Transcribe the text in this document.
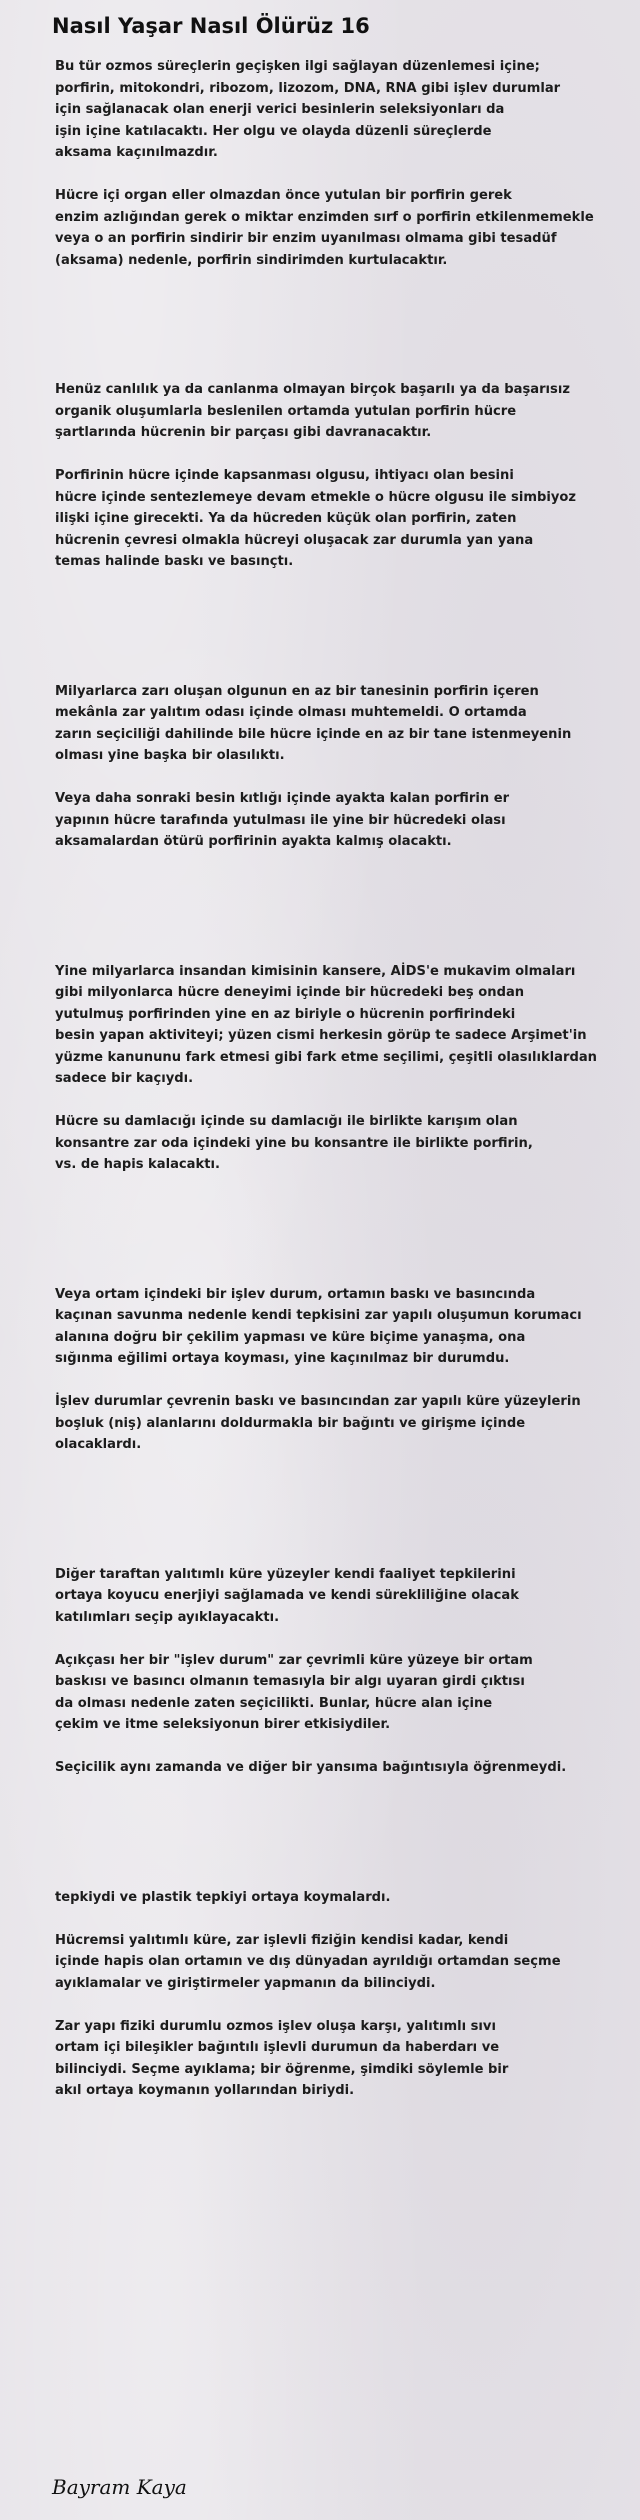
Nasıl Yaşar Nasıl Ölürüz 16
Bu tür ozmos süreçlerin geçişken ilgi sağlayan düzenlemesi içine;
porfirin, mitokondri, ribozom, lizozom, DNA, RNA gibi işlev durumlar
için sağlanacak olan enerji verici besinlerin seleksiyonları da
işin içine katılacaktı. Her olgu ve olayda düzenli süreçlerde
aksama kaçınılmazdır.
Hücre içi organ eller olmazdan önce yutulan bir porfirin gerek
enzim azlığından gerek o miktar enzimden sırf o porfirin etkilenmemekle
veya o an porfirin sindirir bir enzim uyanılması olmama gibi tesadüf
(aksama) nedenle, porfirin sindirimden kurtulacaktır.
Henüz canlılık ya da canlanma olmayan birçok başarılı ya da başarısız
organik oluşumlarla beslenilen ortamda yutulan porfirin hücre
şartlarında hücrenin bir parçası gibi davranacaktır.
Porfirinin hücre içinde kapsanması olgusu, ihtiyacı olan besini
hücre içinde sentezlemeye devam etmekle o hücre olgusu ile simbiyoz
ilişki içine girecekti. Ya da hücreden küçük olan porfirin, zaten
hücrenin çevresi olmakla hücreyi oluşacak zar durumla yan yana
temas halinde baskı ve basınçtı.
Milyarlarca zarı oluşan olgunun en az bir tanesinin porfirin içeren
mekânla zar yalıtım odası içinde olması muhtemeldi. O ortamda
zarın seçiciliği dahilinde bile hücre içinde en az bir tane istenmeyenin
olması yine başka bir olasılıktı.
Veya daha sonraki besin kıtlığı içinde ayakta kalan porfirin er
yapının hücre tarafında yutulması ile yine bir hücredeki olası
aksamalardan ötürü porfirinin ayakta kalmış olacaktı.
Yine milyarlarca insandan kimisinin kansere, AİDS'e mukavim olmaları
gibi milyonlarca hücre deneyimi içinde bir hücredeki beş ondan
yutulmuş porfirinden yine en az biriyle o hücrenin porfirindeki
besin yapan aktiviteyi; yüzen cismi herkesin görüp te sadece Arşimet'in
yüzme kanununu fark etmesi gibi fark etme seçilimi, çeşitli olasılıklardan
sadece bir kaçıydı.
Hücre su damlacığı içinde su damlacığı ile birlikte karışım olan
konsantre zar oda içindeki yine bu konsantre ile birlikte porfirin,
vs. de hapis kalacaktı.
Veya ortam içindeki bir işlev durum, ortamın baskı ve basıncında
kaçınan savunma nedenle kendi tepkisini zar yapılı oluşumun korumacı
alanına doğru bir çekilim yapması ve küre biçime yanaşma, ona
sığınma eğilimi ortaya koyması, yine kaçınılmaz bir durumdu.
İşlev durumlar çevrenin baskı ve basıncından zar yapılı küre yüzeylerin
boşluk (niş) alanlarını doldurmakla bir bağıntı ve girişme içinde
olacaklardı.
Diğer taraftan yalıtımlı küre yüzeyler kendi faaliyet tepkilerini
ortaya koyucu enerjiyi sağlamada ve kendi sürekliliğine olacak
katılımları seçip ayıklayacaktı.
Açıkçası her bir "işlev durum" zar çevrimli küre yüzeye bir ortam
baskısı ve basıncı olmanın temasıyla bir algı uyaran girdi çıktısı
da olması nedenle zaten seçicilikti. Bunlar, hücre alan içine
çekim ve itme seleksiyonun birer etkisiydiler.
Seçicilik aynı zamanda ve diğer bir yansıma bağıntısıyla öğrenmeydi.
tepkiydi ve plastik tepkiyi ortaya koymalardı.
Hücremsi yalıtımlı küre, zar işlevli fiziğin kendisi kadar, kendi
içinde hapis olan ortamın ve dış dünyadan ayrıldığı ortamdan seçme
ayıklamalar ve giriştirmeler yapmanın da bilinciydi.
Zar yapı fiziki durumlu ozmos işlev oluşa karşı, yalıtımlı sıvı
ortam içi bileşikler bağıntılı işlevli durumun da haberdarı ve
bilinciydi. Seçme ayıklama; bir öğrenme, şimdiki söylemle bir
akıl ortaya koymanın yollarından biriydi.
Bayram Kaya
